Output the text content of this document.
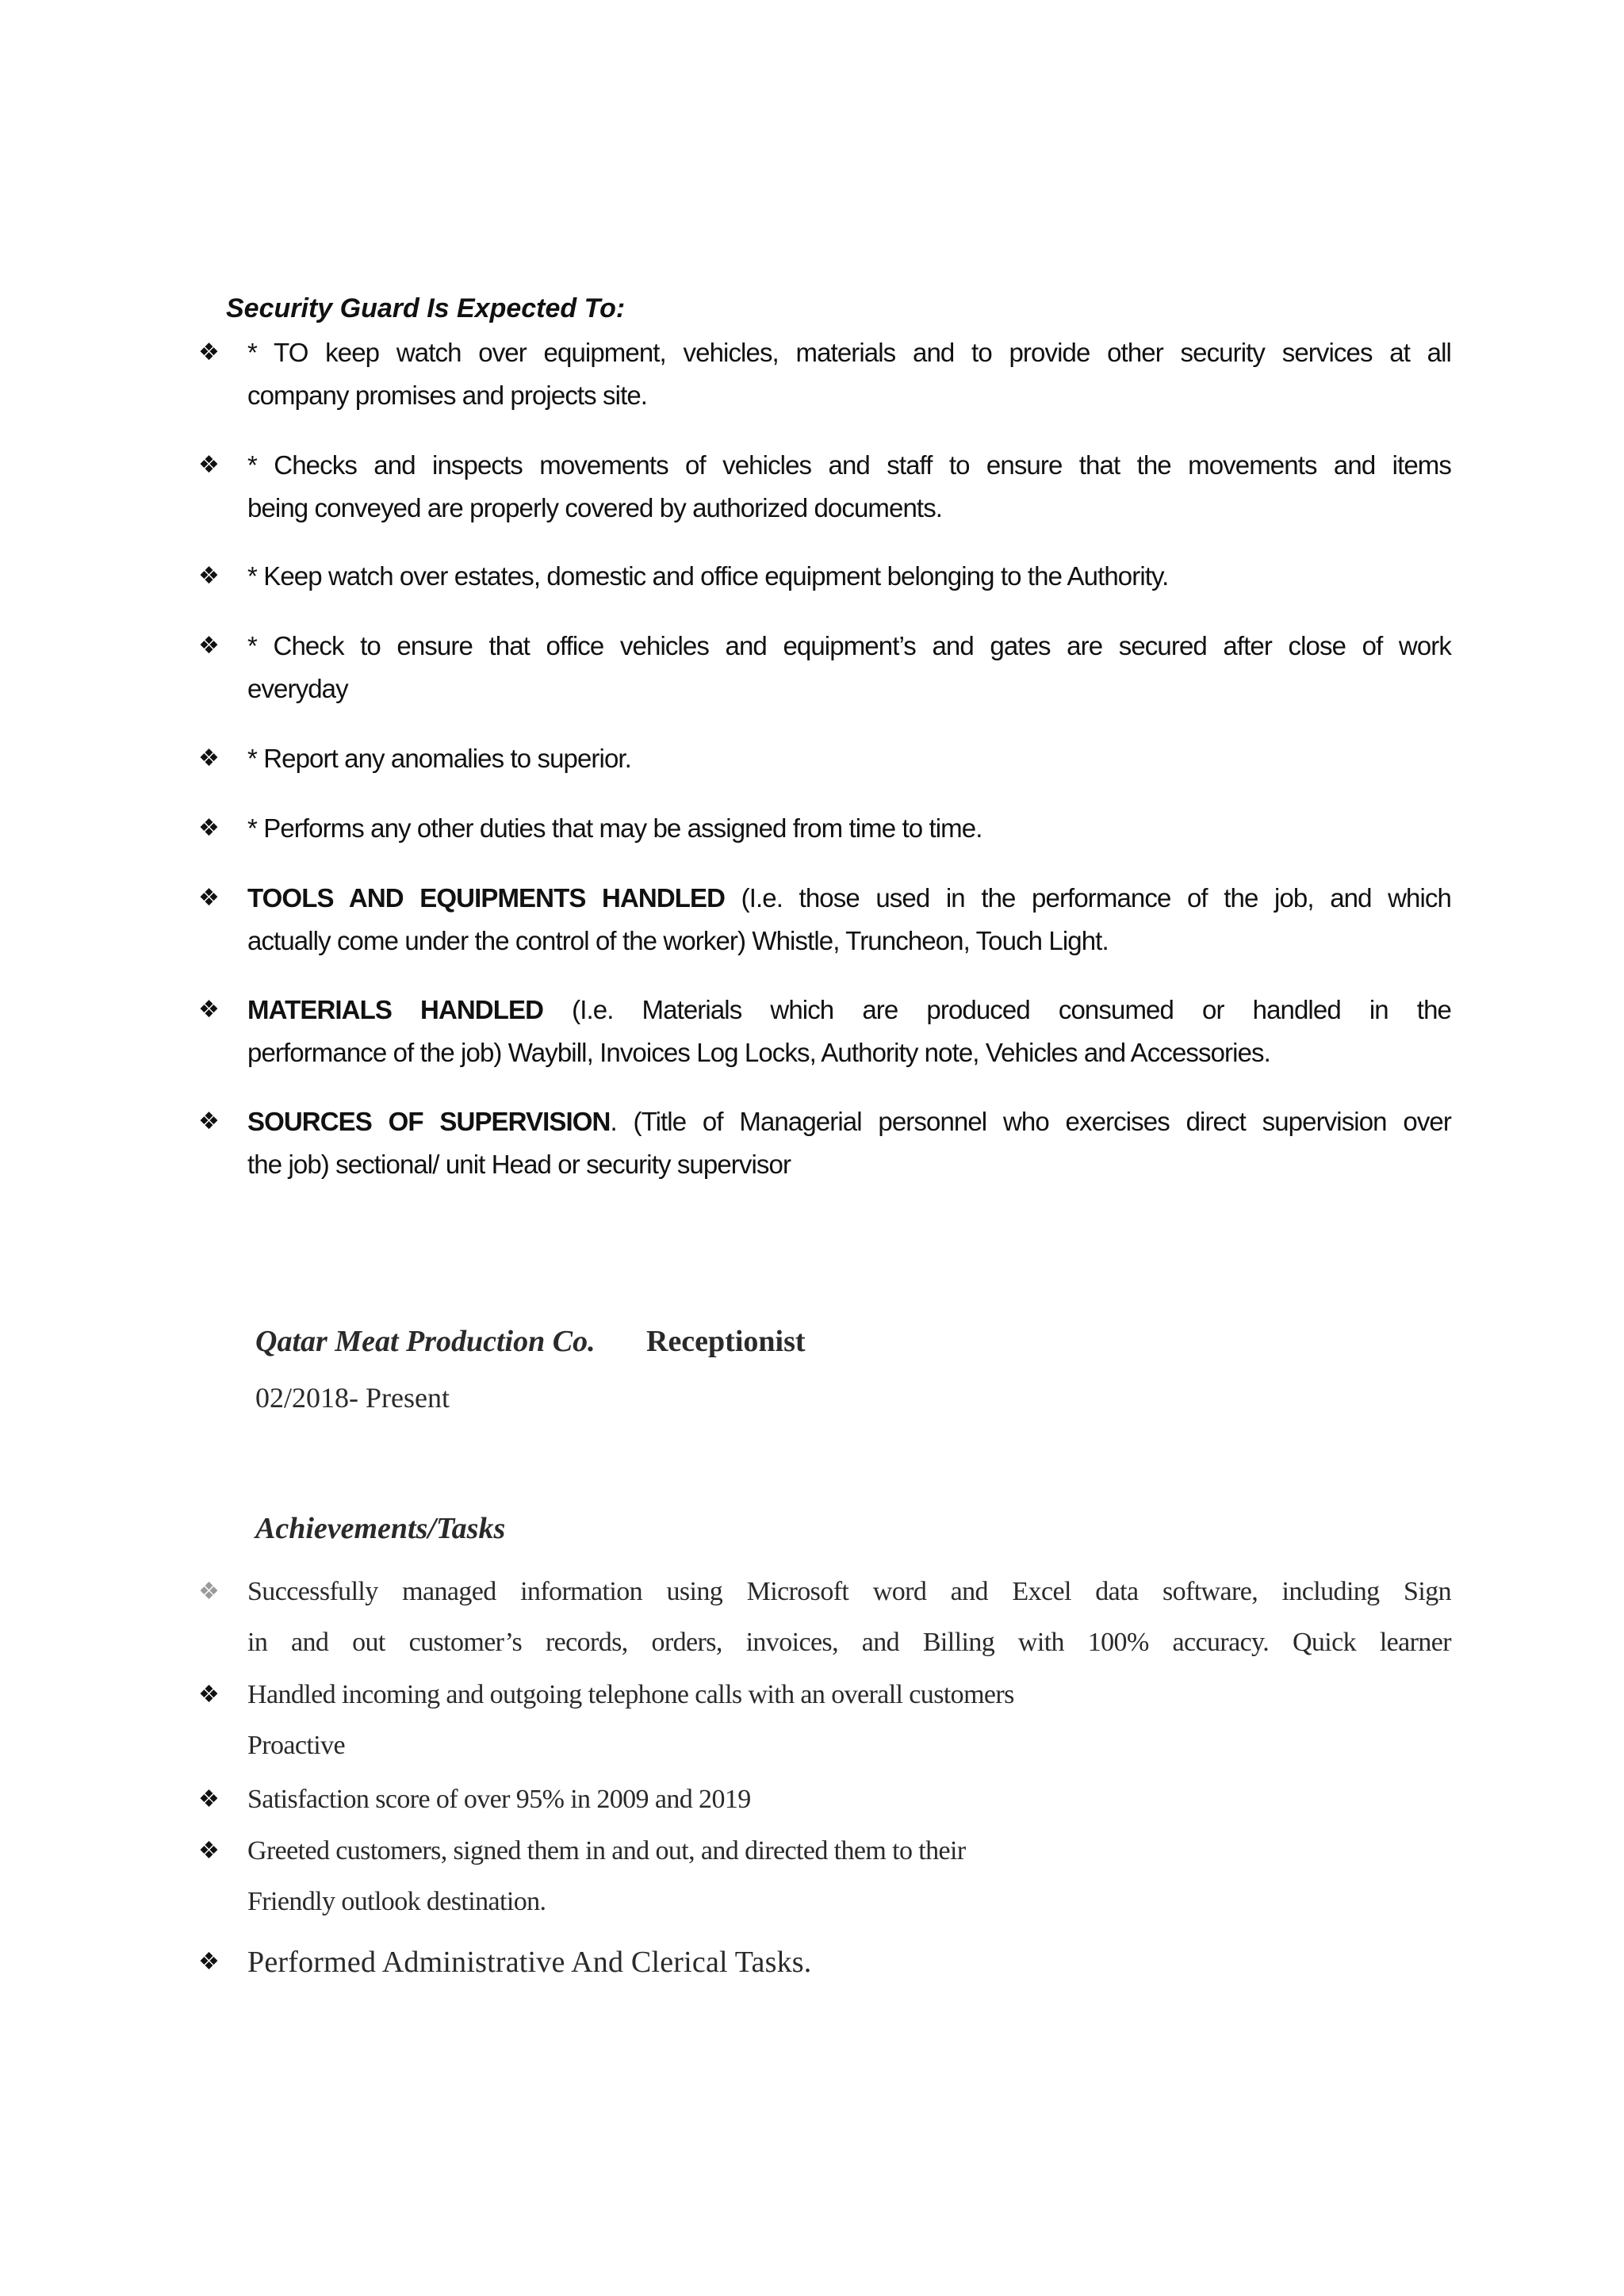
Security Guard Is Expected To:
❖	* TO keep watch over equipment, vehicles, materials and to provide other security services at all
company promises and projects site.
❖	* Checks and inspects movements of vehicles and staff to ensure that the movements and items
being conveyed are properly covered by authorized documents.
❖	* Keep watch over estates, domestic and office equipment belonging to the Authority.
❖	* Check to ensure that office vehicles and equipment’s and gates are secured after close of work
everyday
❖	* Report any anomalies to superior.
❖	* Performs any other duties that may be assigned from time to time.
❖	TOOLS AND EQUIPMENTS HANDLED (I.e. those used in the performance of the job, and which
actually come under the control of the worker) Whistle, Truncheon, Touch Light.
❖	MATERIALS HANDLED (I.e. Materials which are produced consumed or handled in the
performance of the job) Waybill, Invoices Log Locks, Authority note, Vehicles and Accessories.
❖	SOURCES OF SUPERVISION. (Title of Managerial personnel who exercises direct supervision over
the job) sectional/ unit Head or security supervisor
Qatar Meat Production Co. Receptionist
02/2018- Present
Achievements/Tasks
❖	Successfully managed information using Microsoft word and Excel data software, including Sign
in and out customer’s records, orders, invoices, and Billing with 100% accuracy. Quick learner
❖	Handled incoming and outgoing telephone calls with an overall customers
Proactive
❖	Satisfaction score of over 95% in 2009 and 2019
❖	Greeted customers, signed them in and out, and directed them to their
Friendly outlook destination.
❖ Performed Administrative And Clerical Tasks.
